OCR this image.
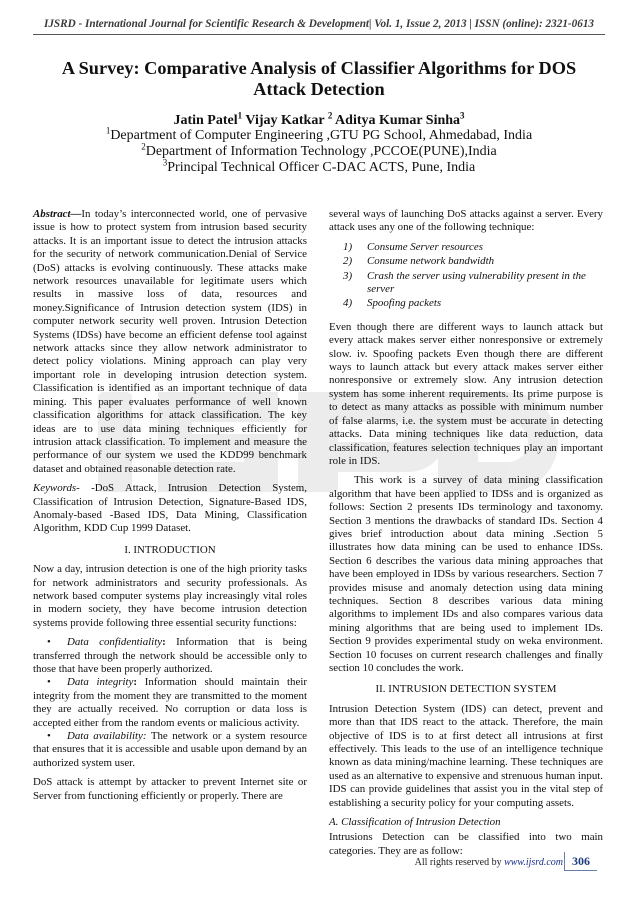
IJSRD - International Journal for Scientific Research & Development| Vol. 1, Issue 2, 2013 | ISSN (online): 2321-0613
A Survey: Comparative Analysis of Classifier Algorithms for DOS Attack Detection
Jatin Patel$^1$ Vijay Katkar $^2$ Aditya Kumar Sinha$^3$
$^1$Department of Computer Engineering ,GTU PG School, Ahmedabad, India
$^2$Department of Information Technology ,PCCOE(PUNE),India
$^3$Principal Technical Officer C-DAC ACTS, Pune, India

Abstract—In today’s interconnected world, one of pervasive issue is how to protect system from intrusion based security attacks. It is an important issue to detect the intrusion attacks for the security of network communication.Denial of Service (DoS) attacks is evolving continuously. These attacks make network resources unavailable for legitimate users which results in massive loss of data, resources and money.Significance of Intrusion detection system (IDS) in computer network security well proven. Intrusion Detection Systems (IDSs) have become an efficient defense tool against network attacks since they allow network administrator to detect policy violations. Mining approach can play very important role in developing intrusion detection system. Classification is identified as an important technique of data mining. This paper evaluates performance of well known classification algorithms for attack classification. The key ideas are to use data mining techniques efficiently for intrusion attack classification. To implement and measure the performance of our system we used the KDD99 benchmark dataset and obtained reasonable detection rate.

Keywords- -DoS Attack, Intrusion Detection System, Classification of Intrusion Detection, Signature-Based IDS, Anomaly-based -Based IDS, Data Mining, Classification Algorithm, KDD Cup 1999 Dataset.

I. INTRODUCTION

Now a day, intrusion detection is one of the high priority tasks for network administrators and security professionals. As network based computer systems play increasingly vital roles in modern society, they have become intrusion detection systems provide following three essential security functions:

• Data confidentiality: Information that is being transferred through the network should be accessible only to those that have been properly authorized.
• Data integrity: Information should maintain their integrity from the moment they are transmitted to the moment they are actually received. No corruption or data loss is accepted either from the random events or malicious activity.
• Data availability: The network or a system resource that ensures that it is accessible and usable upon demand by an authorized system user.

DoS attack is attempt by attacker to prevent Internet site or Server from functioning efficiently or properly. There are

several ways of launching DoS attacks against a server. Every attack uses any one of the following technique:

1) Consume Server resources
2) Consume network bandwidth
3) Crash the server using vulnerability present in the server
4) Spoofing packets

Even though there are different ways to launch attack but every attack makes server either nonresponsive or extremely slow. iv. Spoofing packets Even though there are different ways to launch attack but every attack makes server either nonresponsive or extremely slow. Any intrusion detection system has some inherent requirements. Its prime purpose is to detect as many attacks as possible with minimum number of false alarms, i.e. the system must be accurate in detecting attacks. Data mining techniques like data reduction, data classification, features selection techniques play an important role in IDS.

This work is a survey of data mining classification algorithm that have been applied to IDSs and is organized as follows: Section 2 presents IDs terminology and taxonomy. Section 3 mentions the drawbacks of standard IDs. Section 4 gives brief introduction about data mining .Section 5 illustrates how data mining can be used to enhance IDSs. Section 6 describes the various data mining approaches that have been employed in IDSs by various researchers. Section 7 provides misuse and anomaly detection using data mining techniques. Section 8 describes various data mining algorithms to implement IDs and also compares various data mining algorithms that are being used to implement IDs. Section 9 provides experimental study on weka environment. Section 10 focuses on current research challenges and finally section 10 concludes the work.

II. INTRUSION DETECTION SYSTEM

Intrusion Detection System (IDS) can detect, prevent and more than that IDS react to the attack. Therefore, the main objective of IDS is to at first detect all intrusions at first effectively. This leads to the use of an intelligence technique known as data mining/machine learning. These techniques are used as an alternative to expensive and strenuous human input. IDS can provide guidelines that assist you in the vital step of establishing a security policy for your computing assets.

A. Classification of Intrusion Detection

Intrusions Detection can be classified into two main categories. They are as follow:

All rights reserved by www.ijsrd.com 306
